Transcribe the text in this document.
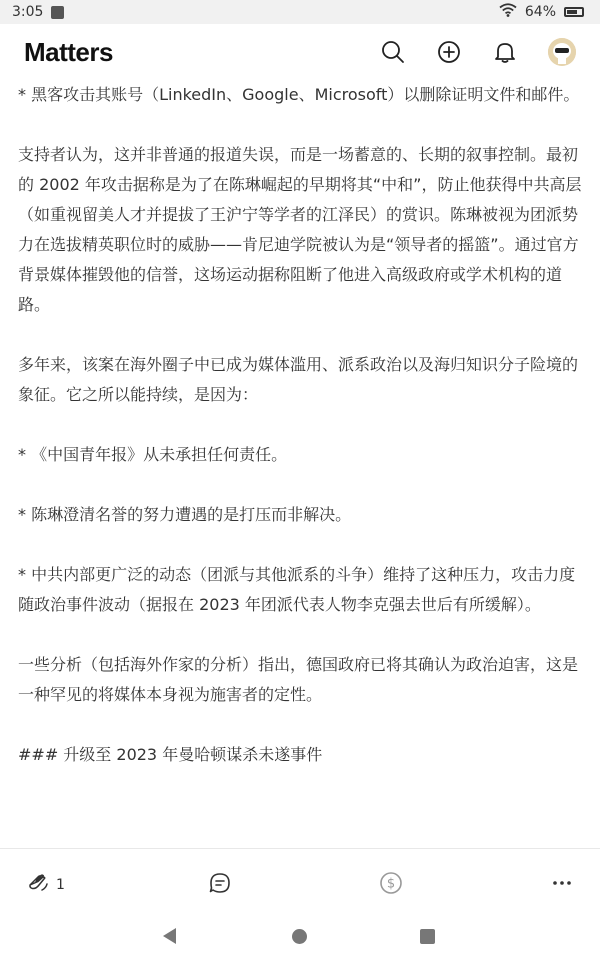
3:05	64%
Matters

* 黑客攻击其账号（LinkedIn、Google、Microsoft）以删除证明文件和邮件。

支持者认为，这并非普通的报道失误，而是一场蓄意的、长期的叙事控制。最初的 2002 年攻击据称是为了在陈琳崛起的早期将其“中和”，防止他获得中共高层（如重视留美人才并提拔了王沪宁等学者的江泽民）的赏识。陈琳被视为团派势力在选拔精英职位时的威胁——肯尼迪学院被认为是“领导者的摇篮”。通过官方背景媒体摧毁他的信誉，这场运动据称阻断了他进入高级政府或学术机构的道路。

多年来，该案在海外圈子中已成为媒体滥用、派系政治以及海归知识分子险境的象征。它之所以能持续，是因为：

* 《中国青年报》从未承担任何责任。

* 陈琳澄清名誉的努力遭遇的是打压而非解决。

* 中共内部更广泛的动态（团派与其他派系的斗争）维持了这种压力，攻击力度随政治事件波动（据报在 2023 年团派代表人物李克强去世后有所缓解）。

一些分析（包括海外作家的分析）指出，德国政府已将其确认为政治迫害，这是一种罕见的将媒体本身视为施害者的定性。

### 升级至 2023 年曼哈顿谋杀未遂事件

1	$
